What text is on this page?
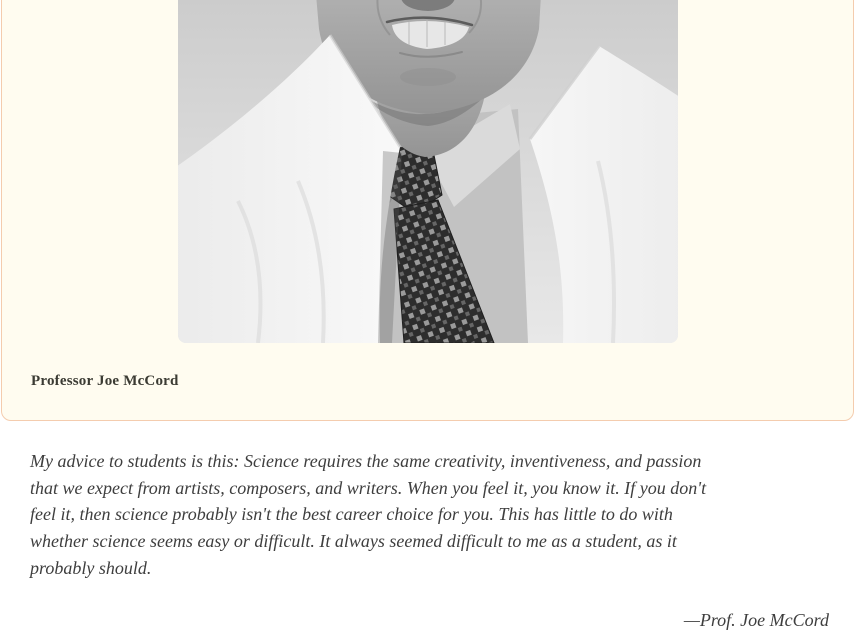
Professor Joe McCord
My advice to students is this: Science requires the same creativity, inventiveness, and passion
that we expect from artists, composers, and writers. When you feel it, you know it. If you don't
feel it, then science probably isn't the best career choice for you. This has little to do with
whether science seems easy or difficult. It always seemed difficult to me as a student, as it
probably should.

—Prof. Joe McCord
